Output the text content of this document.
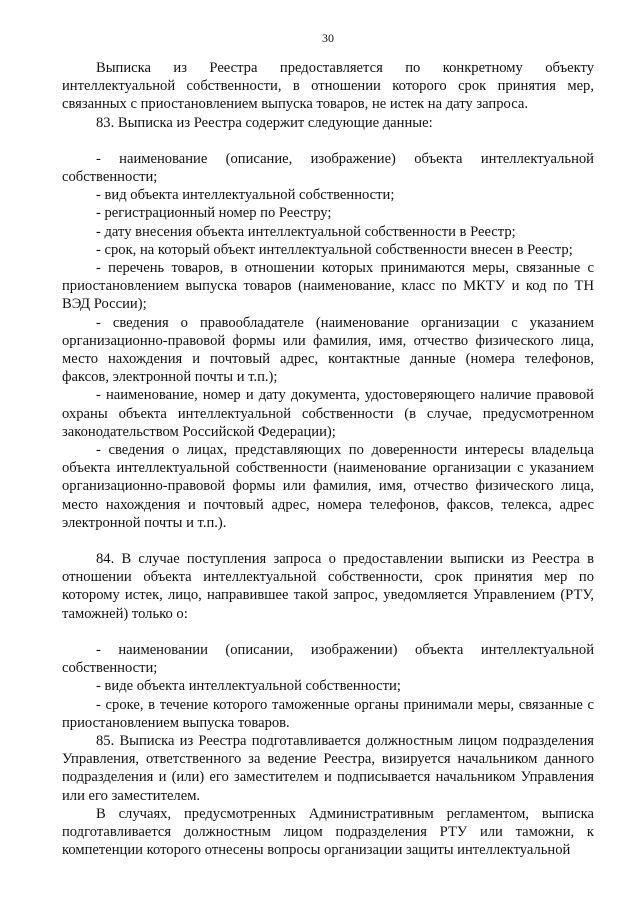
30

Выписка из Реестра предоставляется по конкретному объекту интеллектуальной собственности, в отношении которого срок принятия мер, связанных с приостановлением выпуска товаров, не истек на дату запроса.

83. Выписка из Реестра содержит следующие данные:

- наименование (описание, изображение) объекта интеллектуальной собственности;

- вид объекта интеллектуальной собственности;

- регистрационный номер по Реестру;

- дату внесения объекта интеллектуальной собственности в Реестр;

- срок, на который объект интеллектуальной собственности внесен в Реестр;

- перечень товаров, в отношении которых принимаются меры, связанные с приостановлением выпуска товаров (наименование, класс по МКТУ и код по ТН ВЭД России);

- сведения о правообладателе (наименование организации с указанием организационно-правовой формы или фамилия, имя, отчество физического лица, место нахождения и почтовый адрес, контактные данные (номера телефонов, факсов, электронной почты и т.п.);

- наименование, номер и дату документа, удостоверяющего наличие правовой охраны объекта интеллектуальной собственности (в случае, предусмотренном законодательством Российской Федерации);

- сведения о лицах, представляющих по доверенности интересы владельца объекта интеллектуальной собственности (наименование организации с указанием организационно-правовой формы или фамилия, имя, отчество физического лица, место нахождения и почтовый адрес, номера телефонов, факсов, телекса, адрес электронной почты и т.п.).

84. В случае поступления запроса о предоставлении выписки из Реестра в отношении объекта интеллектуальной собственности, срок принятия мер по которому истек, лицо, направившее такой запрос, уведомляется Управлением (РТУ, таможней) только о:

- наименовании (описании, изображении) объекта интеллектуальной собственности;

- виде объекта интеллектуальной собственности;

- сроке, в течение которого таможенные органы принимали меры, связанные с приостановлением выпуска товаров.

85. Выписка из Реестра подготавливается должностным лицом подразделения Управления, ответственного за ведение Реестра, визируется начальником данного подразделения и (или) его заместителем и подписывается начальником Управления или его заместителем.

В случаях, предусмотренных Административным регламентом, выписка подготавливается должностным лицом подразделения РТУ или таможни, к компетенции которого отнесены вопросы организации защиты интеллектуальной
